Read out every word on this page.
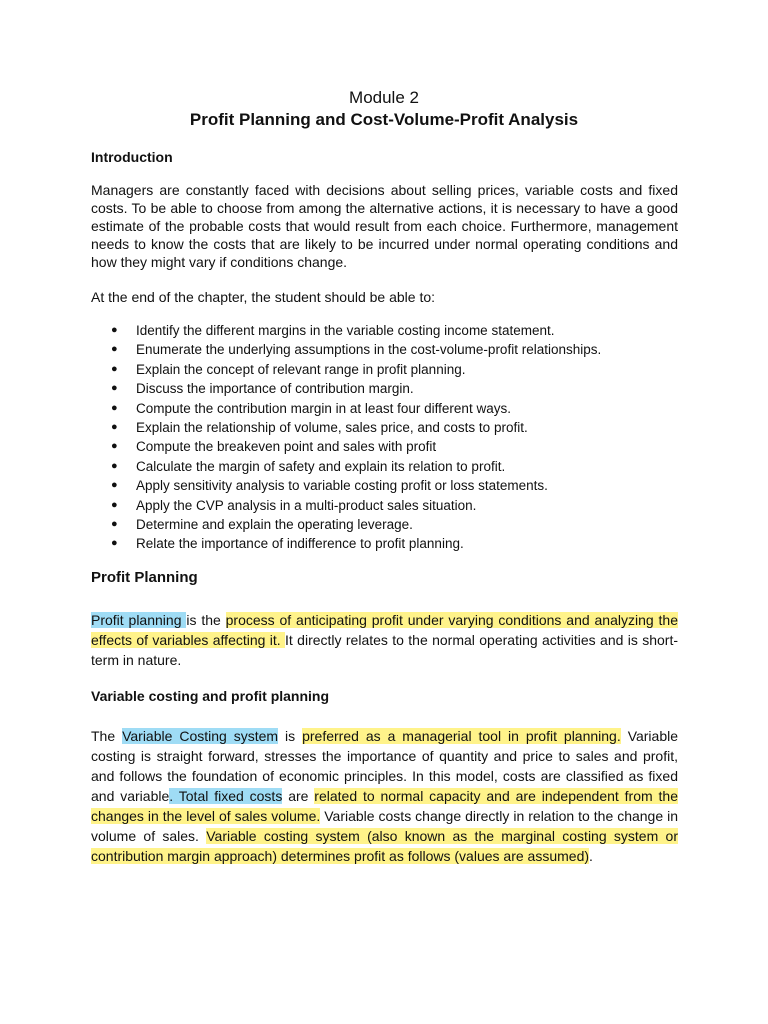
Module 2
Profit Planning and Cost-Volume-Profit Analysis
Introduction
Managers are constantly faced with decisions about selling prices, variable costs and fixed costs. To be able to choose from among the alternative actions, it is necessary to have a good estimate of the probable costs that would result from each choice. Furthermore, management needs to know the costs that are likely to be incurred under normal operating conditions and how they might vary if conditions change.
At the end of the chapter, the student should be able to:
● Identify the different margins in the variable costing income statement.
● Enumerate the underlying assumptions in the cost-volume-profit relationships.
● Explain the concept of relevant range in profit planning.
● Discuss the importance of contribution margin.
● Compute the contribution margin in at least four different ways.
● Explain the relationship of volume, sales price, and costs to profit.
● Compute the breakeven point and sales with profit
● Calculate the margin of safety and explain its relation to profit.
● Apply sensitivity analysis to variable costing profit or loss statements.
● Apply the CVP analysis in a multi-product sales situation.
● Determine and explain the operating leverage.
● Relate the importance of indifference to profit planning.
Profit Planning
Profit planning is the process of anticipating profit under varying conditions and analyzing the effects of variables affecting it. It directly relates to the normal operating activities and is short-term in nature.
Variable costing and profit planning
The Variable Costing system is preferred as a managerial tool in profit planning. Variable costing is straight forward, stresses the importance of quantity and price to sales and profit, and follows the foundation of economic principles. In this model, costs are classified as fixed and variable. Total fixed costs are related to normal capacity and are independent from the changes in the level of sales volume. Variable costs change directly in relation to the change in volume of sales. Variable costing system (also known as the marginal costing system or contribution margin approach) determines profit as follows (values are assumed).
